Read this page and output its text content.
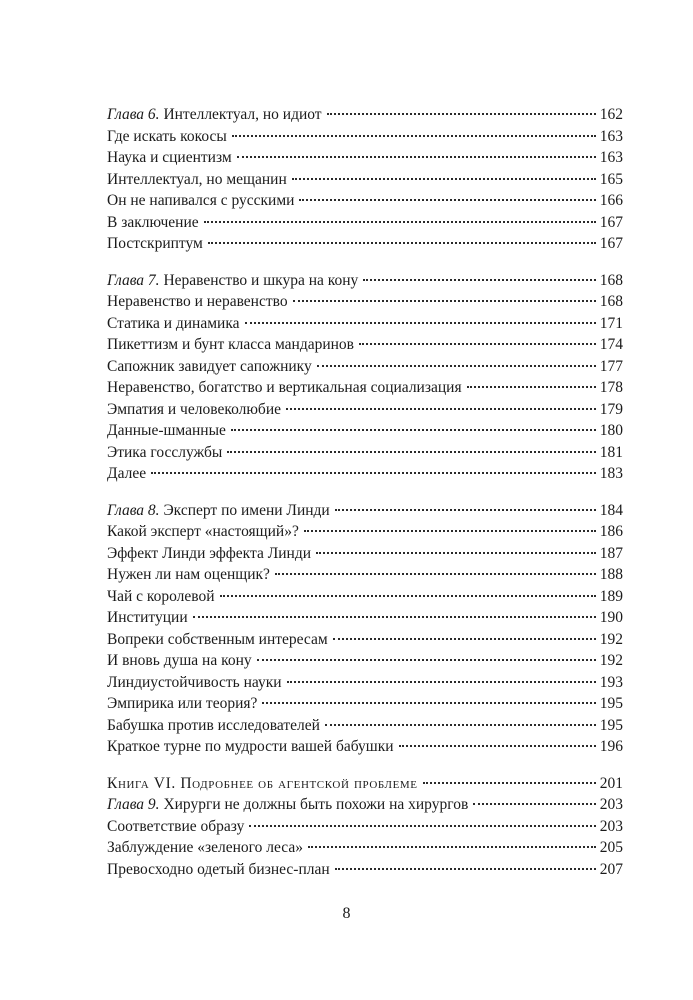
Глава 6. Интеллектуал, но идиот	162
Где искать кокосы	163
Наука и сциентизм	163
Интеллектуал, но мещанин	165
Он не напивался с русскими	166
В заключение	167
Постскриптум	167
Глава 7. Неравенство и шкура на кону	168
Неравенство и неравенство	168
Статика и динамика	171
Пикеттизм и бунт класса мандаринов	174
Сапожник завидует сапожнику	177
Неравенство, богатство и вертикальная социализация	178
Эмпатия и человеколюбие	179
Данные-шманные	180
Этика госслужбы	181
Далее	183
Глава 8. Эксперт по имени Линди	184
Какой эксперт «настоящий»?	186
Эффект Линди эффекта Линди	187
Нужен ли нам оценщик?	188
Чай с королевой	189
Институции	190
Вопреки собственным интересам	192
И вновь душа на кону	192
Линдиустойчивость науки	193
Эмпирика или теория?	195
Бабушка против исследователей	195
Краткое турне по мудрости вашей бабушки	196
Книга VI. Подробнее об агентской проблеме	201
Глава 9. Хирурги не должны быть похожи на хирургов	203
Соответствие образу	203
Заблуждение «зеленого леса»	205
Превосходно одетый бизнес-план	207
8
